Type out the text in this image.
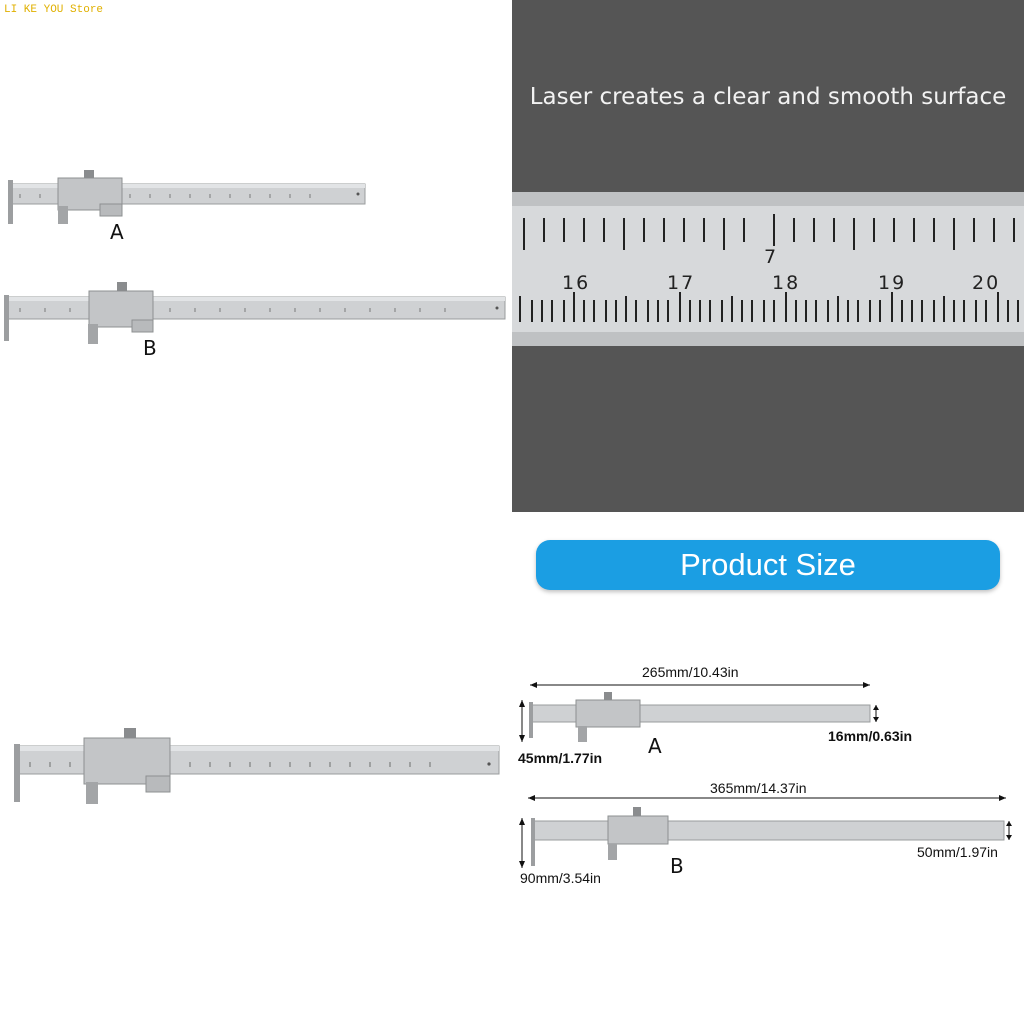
LI KE YOU Store
A
B
7
16	17	18	19	20
Laser creates a clear and smooth surface
Product Size
265mm/10.43in
16mm/0.63in
45mm/1.77in A
365mm/14.37in
50mm/1.97in
90mm/3.54in	B
